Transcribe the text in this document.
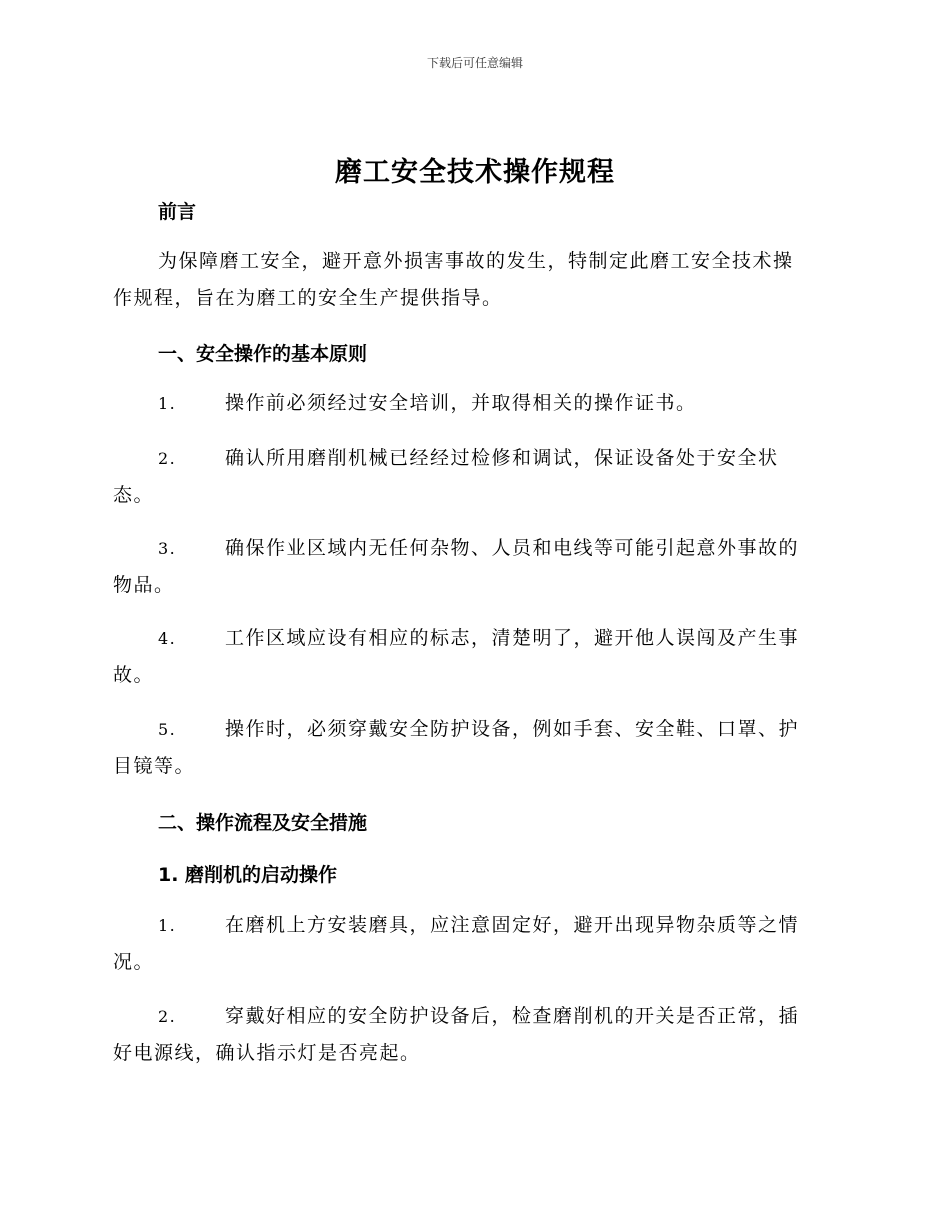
下载后可任意编辑
磨工安全技术操作规程
前言
为保障磨工安全，避开意外损害事故的发生，特制定此磨工安全技术操
作规程，旨在为磨工的安全生产提供指导。
一、安全操作的基本原则
1.	操作前必须经过安全培训，并取得相关的操作证书。
2.	确认所用磨削机械已经经过检修和调试，保证设备处于安全状
态。
3.	确保作业区域内无任何杂物、人员和电线等可能引起意外事故的
物品。
4.	工作区域应设有相应的标志，清楚明了，避开他人误闯及产生事
故。
5.	操作时，必须穿戴安全防护设备，例如手套、安全鞋、口罩、护
目镜等。
二、操作流程及安全措施
1. 磨削机的启动操作
1.	在磨机上方安装磨具，应注意固定好，避开出现异物杂质等之情
况。
2.	穿戴好相应的安全防护设备后，检查磨削机的开关是否正常，插
好电源线，确认指示灯是否亮起。
